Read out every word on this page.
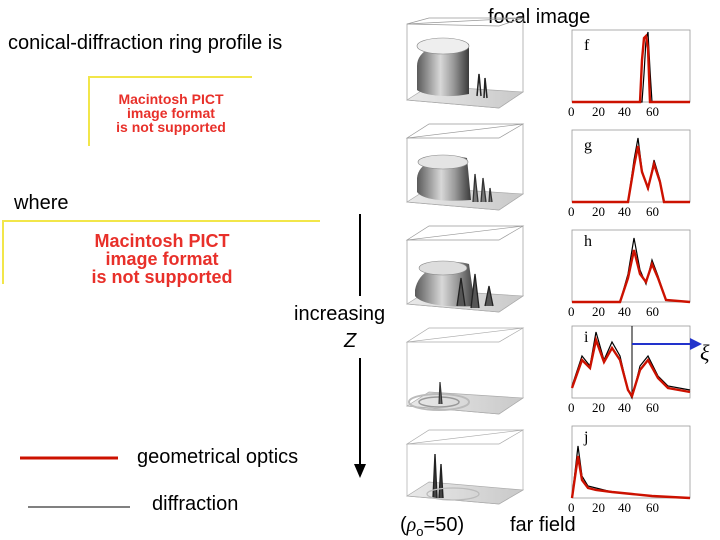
conical-diffraction ring profile is
focal image
Macintosh PICT
image format
is not supported
where
Macintosh PICT
image format
is not supported
increasing
Z
geometrical optics
diffraction
f
0 20 40 60
g
0 20 40 60
h
0 20 40 60
i
0 20 40 60
j
0 20 40 60
ξ
$(\rho_o=50)$ far field
